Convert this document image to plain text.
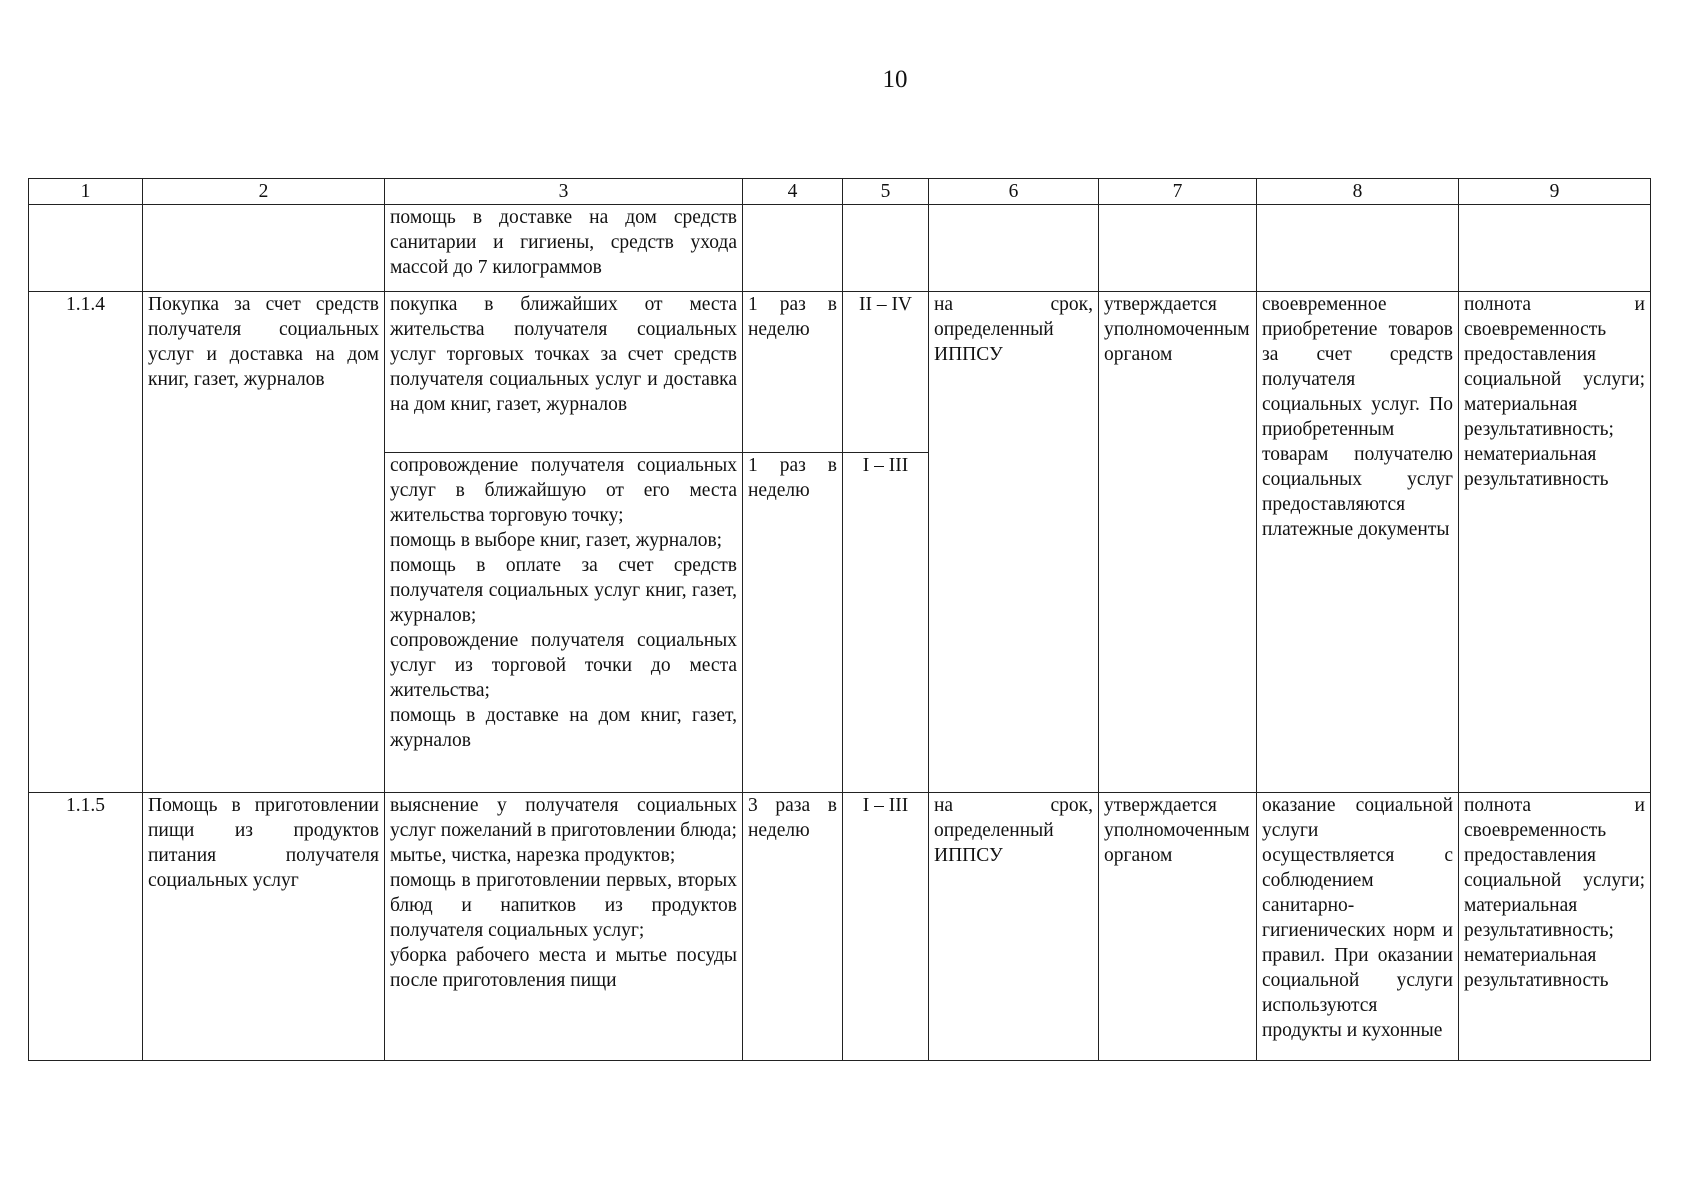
10
1	2	3	4	5	6	7	8	9
		помощь в доставке на дом средств санитарии и гигиены, средств ухода массой до 7 килограммов						
1.1.4	Покупка за счет средств получателя социальных услуг и доставка на дом книг, газет, журналов	покупка в ближайших от места жительства получателя социальных услуг торговых точках за счет средств получателя социальных услуг и доставка на дом книг, газет, журналов	1 раз в неделю	II – IV	на срок, определенный ИППСУ	утверждается уполномоченным органом	своевременное приобретение товаров за счет средств получателя социальных услуг. По приобретенным товарам получателю социальных услуг предоставляются платежные документы	полнота и своевременность предоставления социальной услуги; материальная результативность; нематериальная результативность

		сопровождение получателя социальных услуг в ближайшую от его места жительства торговую точку;
помощь в выборе книг, газет, журналов;
помощь в оплате за счет средств получателя социальных услуг книг, газет, журналов;
сопровождение получателя социальных услуг из торговой точки до места жительства;
помощь в доставке на дом книг, газет, журналов	1 раз в неделю	I – III				
1.1.5	Помощь в приготовлении пищи из продуктов питания получателя социальных услуг	выяснение у получателя социальных услуг пожеланий в приготовлении блюда;
мытье, чистка, нарезка продуктов;
помощь в приготовлении первых, вторых блюд и напитков из продуктов получателя социальных услуг;
уборка рабочего места и мытье посуды после приготовления пищи	3 раза в неделю	I – III	на срок, определенный ИППСУ	утверждается уполномоченным органом	оказание социальной услуги осуществляется с соблюдением санитарно-гигиенических норм и правил. При оказании социальной услуги используются продукты и кухонные	полнота и своевременность предоставления социальной услуги; материальная результативность; нематериальная результативность
